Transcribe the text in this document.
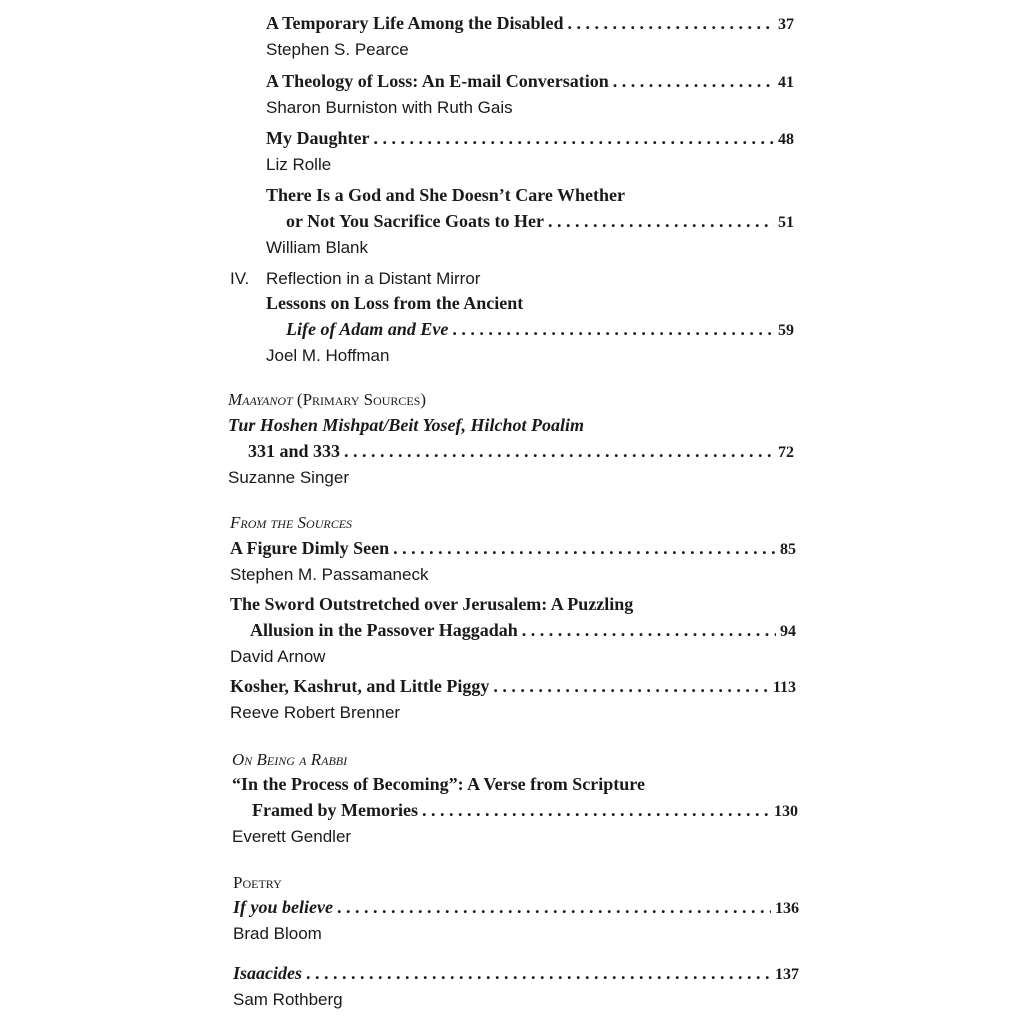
A Temporary Life Among the Disabled . . .	37
Stephen S. Pearce
A Theology of Loss: An E-mail Conversation . . .	41
Sharon Burniston with Ruth Gais
My Daughter . . .	48
Liz Rolle
There Is a God and She Doesn’t Care Whether
or Not You Sacrifice Goats to Her . . .	51
William Blank
IV. Reflection in a Distant Mirror
Lessons on Loss from the Ancient
Life of Adam and Eve . . .	59
Joel M. Hoffman
Maayanot (Primary Sources)
Tur Hoshen Mishpat/Beit Yosef, Hilchot Poalim
331 and 333 . . .	72
Suzanne Singer
From the Sources
A Figure Dimly Seen . . .	85
Stephen M. Passamaneck
The Sword Outstretched over Jerusalem: A Puzzling
Allusion in the Passover Haggadah . . .	94
David Arnow
Kosher, Kashrut, and Little Piggy . . .	113
Reeve Robert Brenner
On Being a Rabbi
“In the Process of Becoming”: A Verse from Scripture
Framed by Memories . . .	130
Everett Gendler
Poetry
If you believe . . .	136
Brad Bloom
Isaacides . . .	137
Sam Rothberg
